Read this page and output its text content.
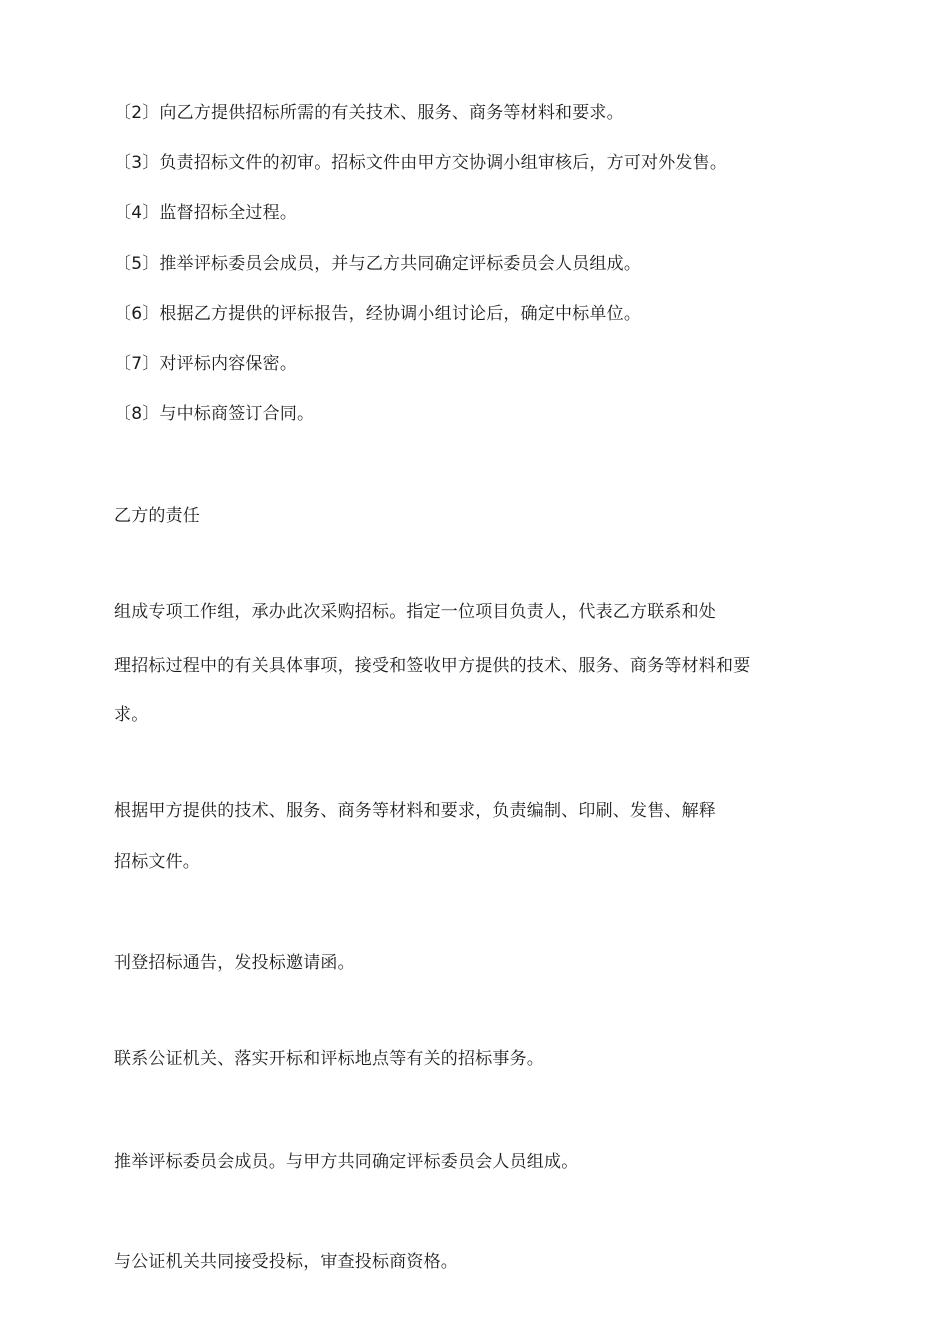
〔2〕向乙方提供招标所需的有关技术、服务、商务等材料和要求。
〔3〕负责招标文件的初审。招标文件由甲方交协调小组审核后，方可对外发售。
〔4〕监督招标全过程。
〔5〕推举评标委员会成员，并与乙方共同确定评标委员会人员组成。
〔6〕根据乙方提供的评标报告，经协调小组讨论后，确定中标单位。
〔7〕对评标内容保密。
〔8〕与中标商签订合同。
乙方的责任
组成专项工作组，承办此次采购招标。指定一位项目负责人，代表乙方联系和处
理招标过程中的有关具体事项，接受和签收甲方提供的技术、服务、商务等材料和要
求。
根据甲方提供的技术、服务、商务等材料和要求，负责编制、印刷、发售、解释
招标文件。
刊登招标通告，发投标邀请函。
联系公证机关、落实开标和评标地点等有关的招标事务。
推举评标委员会成员。与甲方共同确定评标委员会人员组成。
与公证机关共同接受投标，审查投标商资格。
